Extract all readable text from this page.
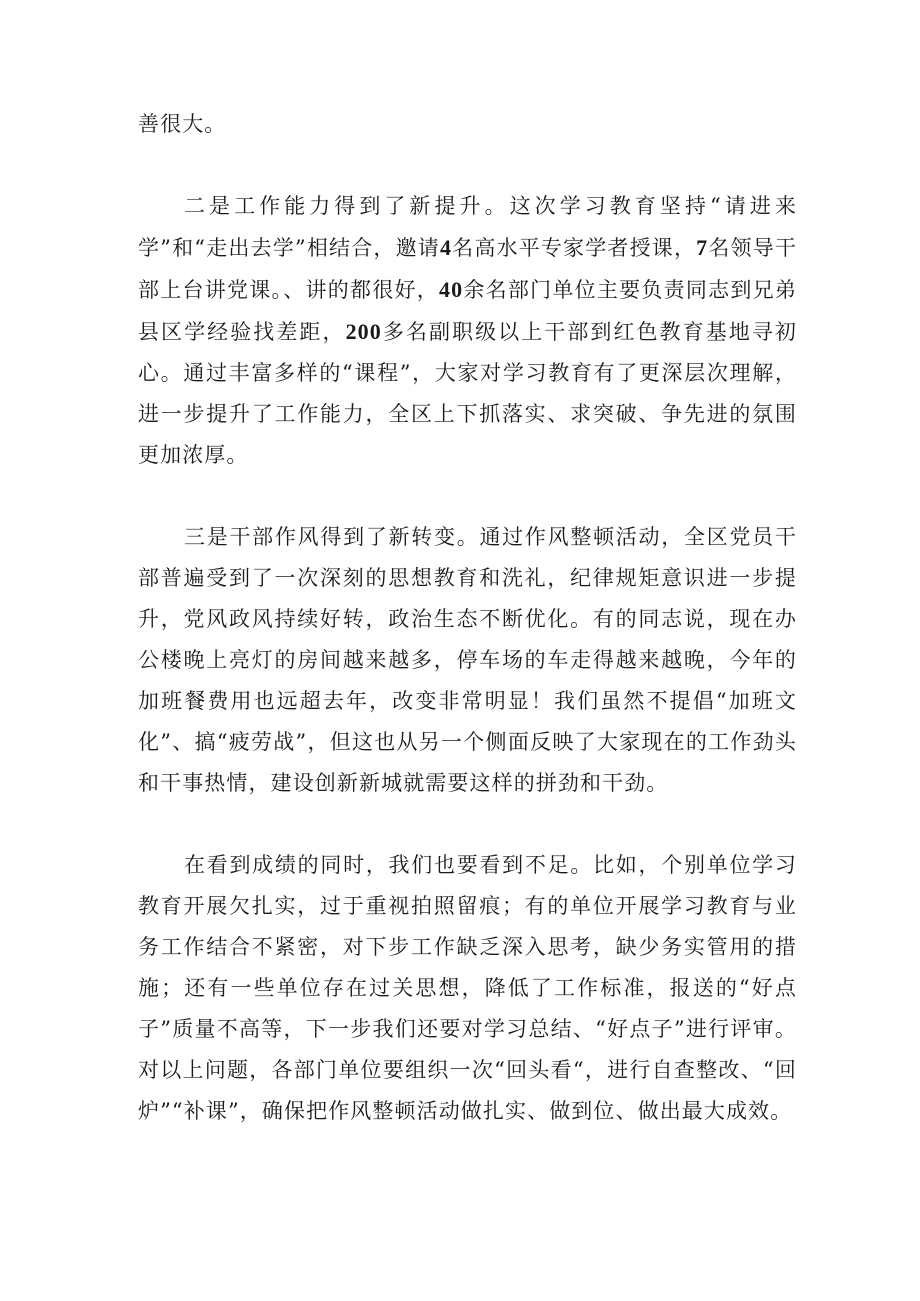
善很大。

二是工作能力得到了新提升。这次学习教育坚持“请进来学”和“走出去学”相结合，邀请4名高水平专家学者授课，7名领导干部上台讲党课。、讲的都很好，40余名部门单位主要负责同志到兄弟县区学经验找差距，200多名副职级以上干部到红色教育基地寻初心。通过丰富多样的“课程”，大家对学习教育有了更深层次理解，进一步提升了工作能力，全区上下抓落实、求突破、争先进的氛围更加浓厚。

三是干部作风得到了新转变。通过作风整顿活动，全区党员干部普遍受到了一次深刻的思想教育和洗礼，纪律规矩意识进一步提升，党风政风持续好转，政治生态不断优化。有的同志说，现在办公楼晚上亮灯的房间越来越多，停车场的车走得越来越晚，今年的加班餐费用也远超去年，改变非常明显！我们虽然不提倡“加班文化”、搞“疲劳战”，但这也从另一个侧面反映了大家现在的工作劲头和干事热情，建设创新新城就需要这样的拼劲和干劲。

在看到成绩的同时，我们也要看到不足。比如，个别单位学习教育开展欠扎实，过于重视拍照留痕；有的单位开展学习教育与业务工作结合不紧密，对下步工作缺乏深入思考，缺少务实管用的措施；还有一些单位存在过关思想，降低了工作标准，报送的“好点子”质量不高等，下一步我们还要对学习总结、“好点子”进行评审。对以上问题，各部门单位要组织一次“回头看“，进行自查整改、“回炉”“补课”，确保把作风整顿活动做扎实、做到位、做出最大成效。
